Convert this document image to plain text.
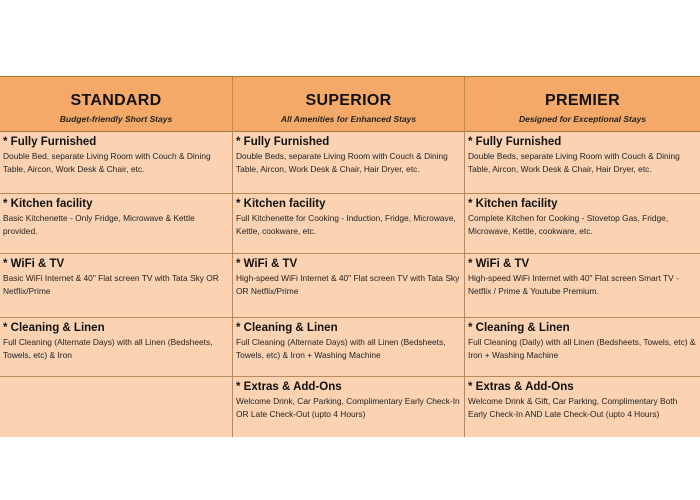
STANDARD
Budget-friendly Short Stays
SUPERIOR
All Amenities for Enhanced Stays
PREMIER
Designed for Exceptional Stays
* Fully Furnished
Double Bed, separate Living Room with Couch & Dining Table, Aircon, Work Desk & Chair, etc.
* Fully Furnished
Double Beds, separate Living Room with Couch & Dining Table, Aircon, Work Desk & Chair, Hair Dryer, etc.
* Fully Furnished
Double Beds, separate Living Room with Couch & Dining Table, Aircon, Work Desk & Chair, Hair Dryer, etc.
* Kitchen facility
Basic Kitchenette - Only Fridge, Microwave & Kettle provided.
* Kitchen facility
Full Kitchenette for Cooking - Induction, Fridge, Microwave, Kettle, cookware, etc.
* Kitchen facility
Complete Kitchen for Cooking - Stovetop Gas, Fridge, Microwave, Kettle, cookware, etc.
* WiFi & TV
Basic WiFi Internet & 40" Flat screen TV with Tata Sky OR Netflix/Prime
* WiFi & TV
High-speed WiFi Internet & 40" Flat screen TV with Tata Sky OR Netflix/Prime
* WiFi & TV
High-speed WiFi Internet with 40" Flat screen Smart TV - Netflix / Prime & Youtube Premium.
* Cleaning & Linen
Full Cleaning (Alternate Days) with all Linen (Bedsheets, Towels, etc) & Iron
* Cleaning & Linen
Full Cleaning (Alternate Days) with all Linen (Bedsheets, Towels, etc) & Iron + Washing Machine
* Cleaning & Linen
Full Cleaning (Daily) with all Linen (Bedsheets, Towels, etc) & Iron + Washing Machine
* Extras & Add-Ons
Welcome Drink, Car Parking, Complimentary Early Check-In OR Late Check-Out (upto 4 Hours)
* Extras & Add-Ons
Welcome Drink & Gift, Car Parking, Complimentary Both Early Check-In AND Late Check-Out (upto 4 Hours)
